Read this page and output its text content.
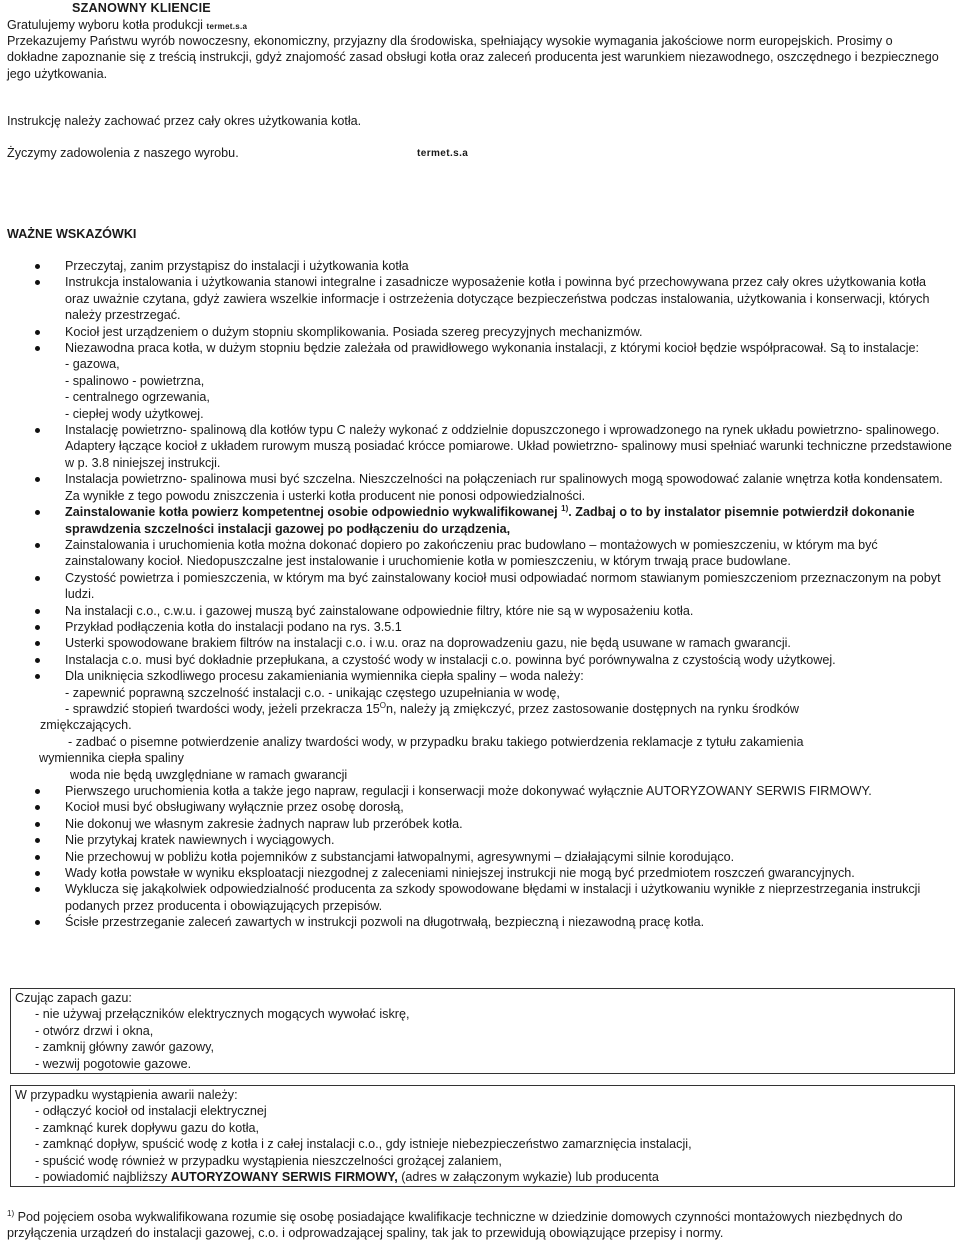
SZANOWNY KLIENCIE
Gratulujemy wyboru kotła produkcji termet.s.a
Przekazujemy Państwu wyrób nowoczesny, ekonomiczny, przyjazny dla środowiska, spełniający wysokie wymagania jakościowe norm europejskich. Prosimy o dokładne zapoznanie się z treścią instrukcji, gdyż znajomość zasad obsługi kotła oraz zaleceń producenta jest warunkiem niezawodnego, oszczędnego i bezpiecznego jego użytkowania.
Instrukcję należy zachować przez cały okres użytkowania kotła.
Życzymy zadowolenia z naszego wyrobu.	termet.s.a
WAŻNE WSKAZÓWKI
Przeczytaj, zanim przystąpisz do instalacji i użytkowania kotła
Instrukcja instalowania i użytkowania stanowi integralne i zasadnicze wyposażenie kotła i powinna być przechowywana przez cały okres użytkowania kotła oraz uważnie czytana, gdyż zawiera wszelkie informacje i ostrzeżenia dotyczące bezpieczeństwa podczas instalowania, użytkowania i konserwacji, których należy przestrzegać.
Kocioł jest urządzeniem o dużym stopniu skomplikowania. Posiada szereg precyzyjnych mechanizmów.
Niezawodna praca kotła, w dużym stopniu będzie zależała od prawidłowego wykonania instalacji, z którymi kocioł będzie współpracował. Są to instalacje:
- gazowa,
- spalinowo - powietrzna,
- centralnego ogrzewania,
- ciepłej wody użytkowej.
Instalację powietrzno- spalinową dla kotłów typu C należy wykonać z oddzielnie dopuszczonego i wprowadzonego na rynek układu powietrzno- spalinowego. Adaptery łączące kocioł z układem rurowym muszą posiadać krócce pomiarowe. Układ powietrzno- spalinowy musi spełniać warunki techniczne przedstawione w p. 3.8 niniejszej instrukcji.
Instalacja powietrzno- spalinowa musi być szczelna. Nieszczelności na połączeniach rur spalinowych mogą spowodować zalanie wnętrza kotła kondensatem. Za wynikłe z tego powodu zniszczenia i usterki kotła producent nie ponosi odpowiedzialności.
Zainstalowanie kotła powierz kompetentnej osobie odpowiednio wykwalifikowanej $^{1)}$. Zadbaj o to by instalator pisemnie potwierdził dokonanie sprawdzenia szczelności instalacji gazowej po podłączeniu do urządzenia,
Zainstalowania i uruchomienia kotła można dokonać dopiero po zakończeniu prac budowlano – montażowych w pomieszczeniu, w którym ma być zainstalowany kocioł. Niedopuszczalne jest instalowanie i uruchomienie kotła w pomieszczeniu, w którym trwają prace budowlane.
Czystość powietrza i pomieszczenia, w którym ma być zainstalowany kocioł musi odpowiadać normom stawianym pomieszczeniom przeznaczonym na pobyt ludzi.
Na instalacji c.o., c.w.u. i gazowej muszą być zainstalowane odpowiednie filtry, które nie są w wyposażeniu kotła.
Przykład podłączenia kotła do instalacji podano na rys. 3.5.1
Usterki spowodowane brakiem filtrów na instalacji c.o. i w.u. oraz na doprowadzeniu gazu, nie będą usuwane w ramach gwarancji.
Instalacja c.o. musi być dokładnie przepłukana, a czystość wody w instalacji c.o. powinna być porównywalna z czystością wody użytkowej.
Dla uniknięcia szkodliwego procesu zakamieniania wymiennika ciepła spaliny – woda należy:
- zapewnić poprawną szczelność instalacji c.o. - unikając częstego uzupełniania w wodę,
- sprawdzić stopień twardości wody, jeżeli przekracza $15^On$, należy ją zmiękczyć, przez zastosowanie dostępnych na rynku środków
zmiękczających.
- zadbać o pisemne potwierdzenie analizy twardości wody, w przypadku braku takiego potwierdzenia reklamacje z tytułu zakamienia
wymiennika ciepła spaliny
woda nie będą uwzględniane w ramach gwarancji
Pierwszego uruchomienia kotła a także jego napraw, regulacji i konserwacji może dokonywać wyłącznie AUTORYZOWANY SERWIS FIRMOWY.
Kocioł musi być obsługiwany wyłącznie przez osobę dorosłą,
Nie dokonuj we własnym zakresie żadnych napraw lub przeróbek kotła.
Nie przytykaj kratek nawiewnych i wyciągowych.
Nie przechowuj w pobliżu kotła pojemników z substancjami łatwopalnymi, agresywnymi – działającymi silnie korodująco.
Wady kotła powstałe w wyniku eksploatacji niezgodnej z zaleceniami niniejszej instrukcji nie mogą być przedmiotem roszczeń gwarancyjnych.
Wyklucza się jakąkolwiek odpowiedzialność producenta za szkody spowodowane błędami w instalacji i użytkowaniu wynikłe z nieprzestrzegania instrukcji podanych przez producenta i obowiązujących przepisów.
Ścisłe przestrzeganie zaleceń zawartych w instrukcji pozwoli na długotrwałą, bezpieczną i niezawodną pracę kotła.
Czując zapach gazu:
- nie używaj przełączników elektrycznych mogących wywołać iskrę,
- otwórz drzwi i okna,
- zamknij główny zawór gazowy,
- wezwij pogotowie gazowe.
W przypadku wystąpienia awarii należy:
- odłączyć kocioł od instalacji elektrycznej
- zamknąć kurek dopływu gazu do kotła,
- zamknąć dopływ, spuścić wodę z kotła i z całej instalacji c.o., gdy istnieje niebezpieczeństwo zamarznięcia instalacji,
- spuścić wodę również w przypadku wystąpienia nieszczelności grożącej zalaniem,
- powiadomić najbliższy AUTORYZOWANY SERWIS FIRMOWY, (adres w załączonym wykazie) lub producenta
$^{1)}$ Pod pojęciem osoba wykwalifikowana rozumie się osobę posiadające kwalifikacje techniczne w dziedzinie domowych czynności montażowych niezbędnych do przyłączenia urządzeń do instalacji gazowej, c.o. i odprowadzającej spaliny, tak jak to przewidują obowiązujące przepisy i normy.
